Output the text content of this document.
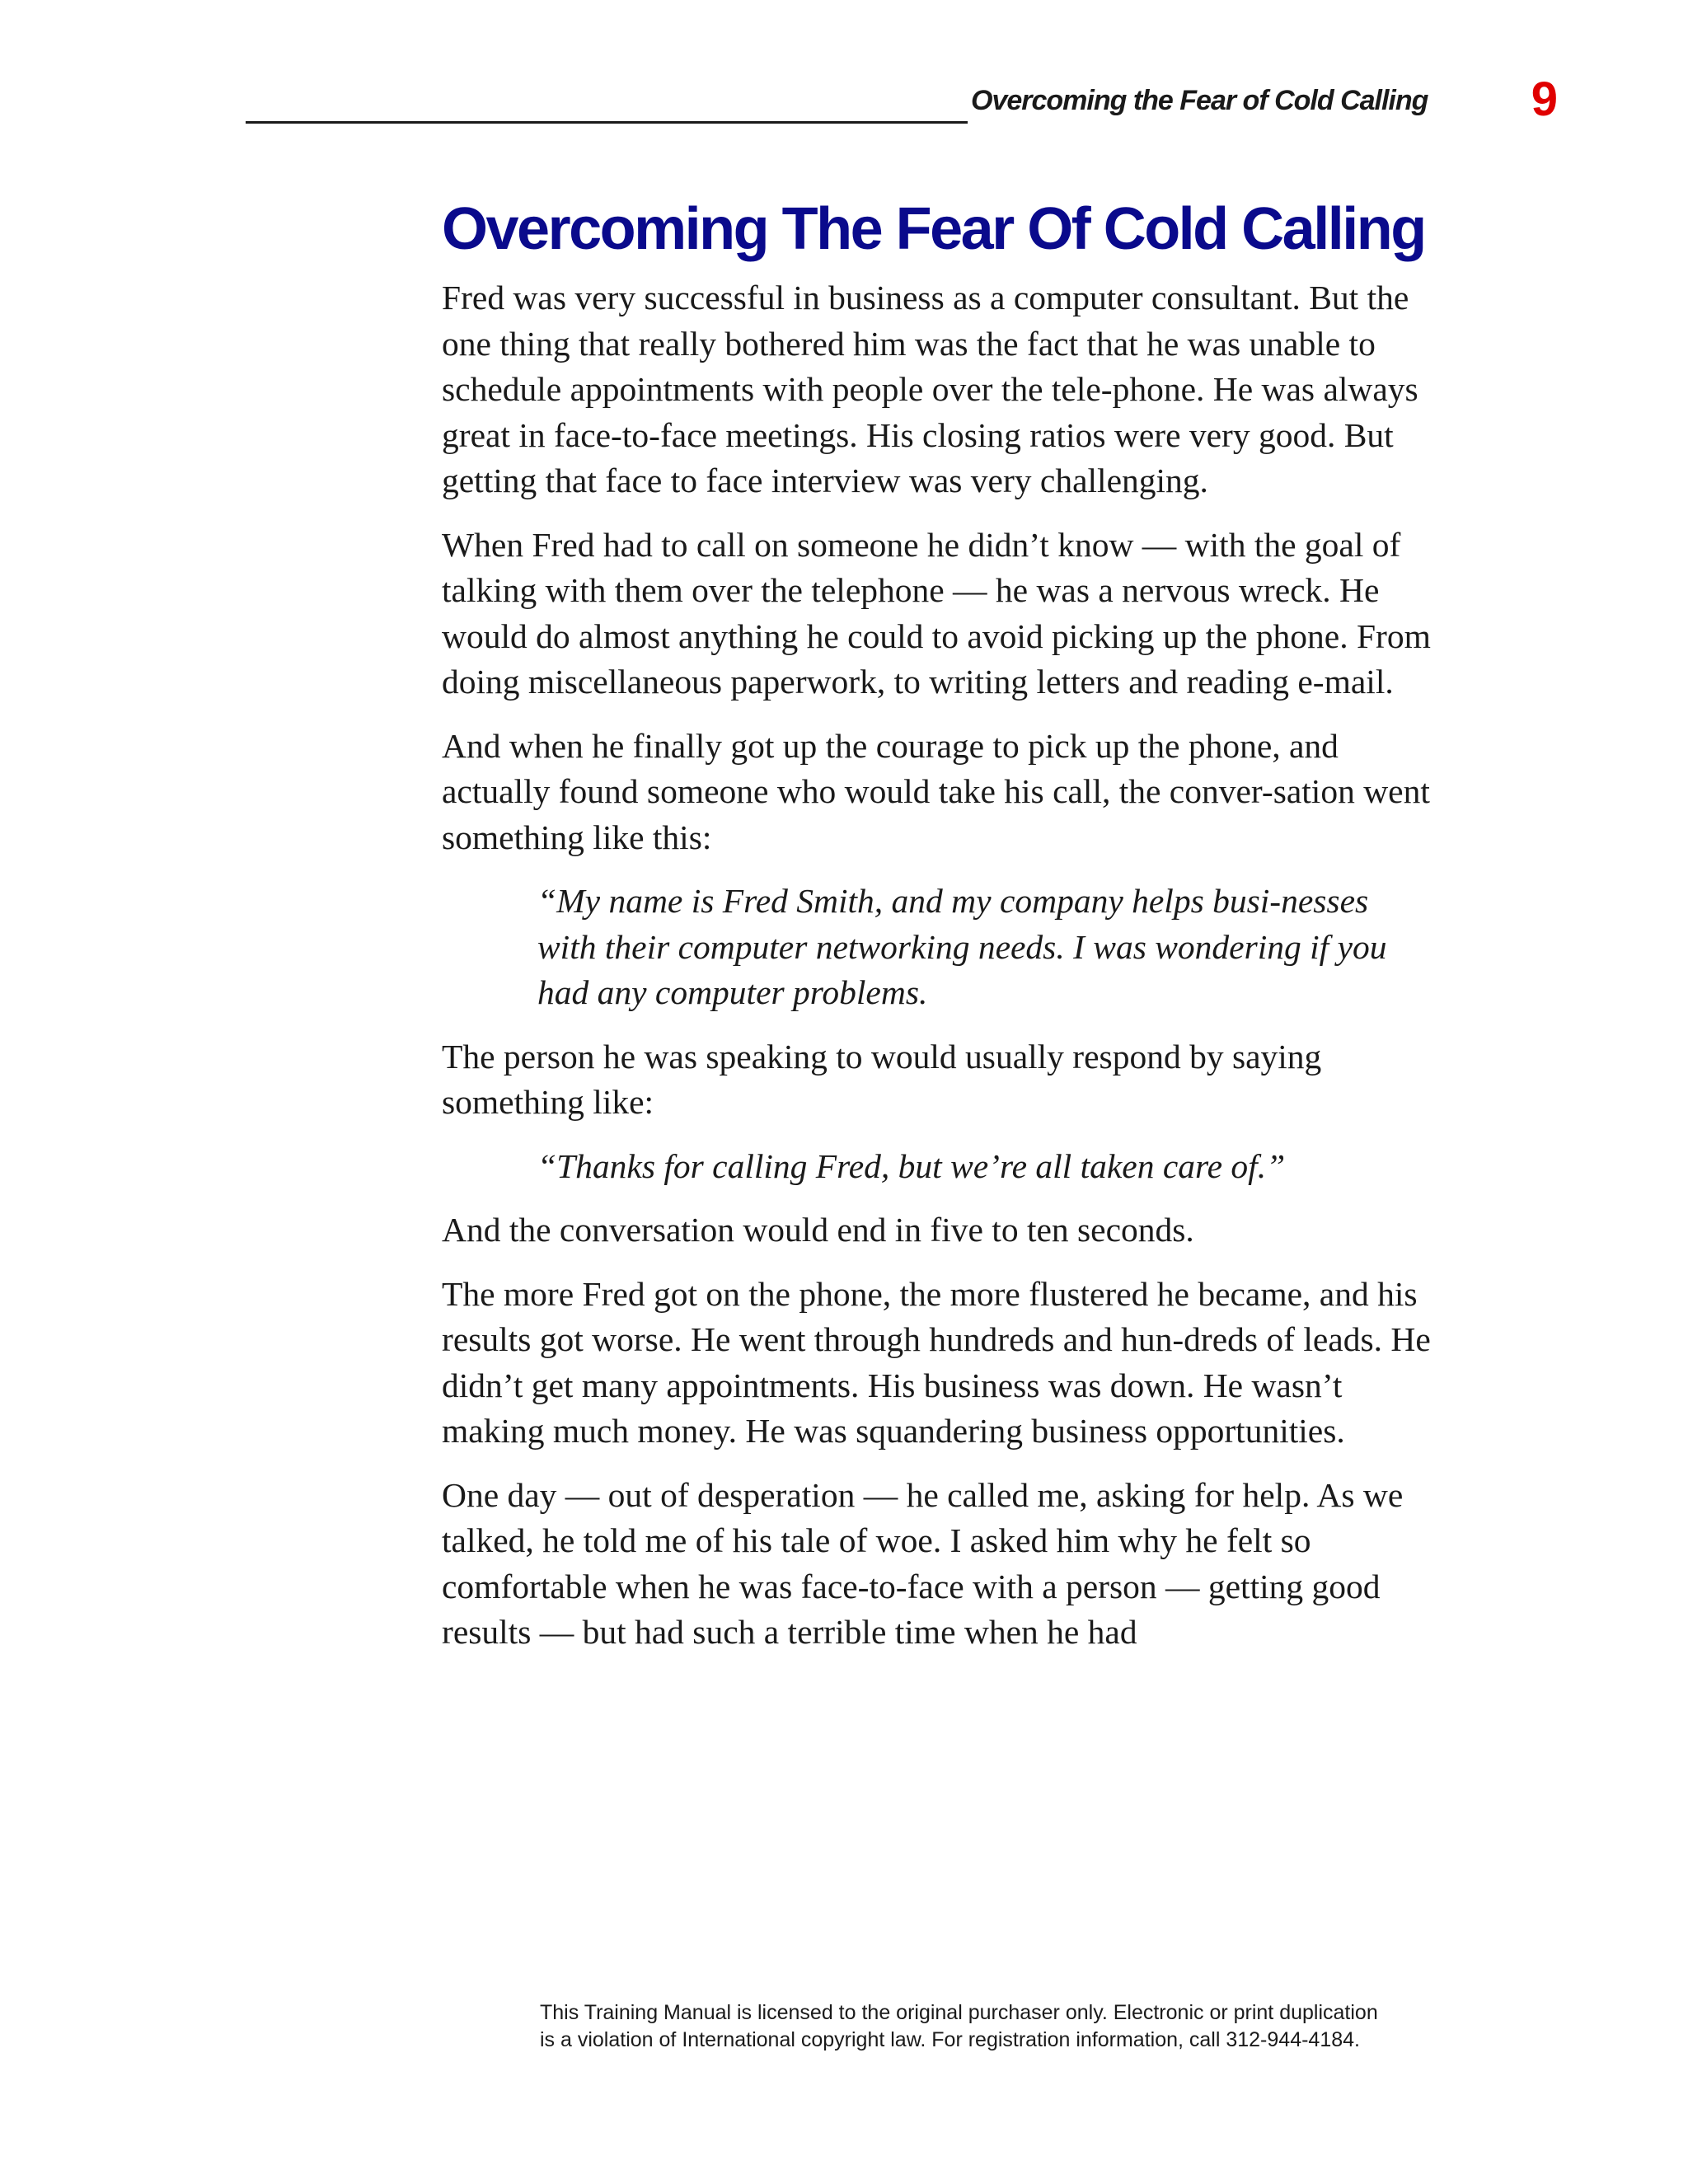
Overcoming the Fear of Cold Calling 9
Overcoming The Fear Of Cold Calling

Fred was very successful in business as a computer consultant. But the one thing that really bothered him was the fact that he was unable to schedule appointments with people over the tele-phone. He was always great in face-to-face meetings. His closing ratios were very good. But getting that face to face interview was very challenging.

When Fred had to call on someone he didn’t know — with the goal of talking with them over the telephone — he was a nervous wreck. He would do almost anything he could to avoid picking up the phone. From doing miscellaneous paperwork, to writing letters and reading e-mail.

And when he finally got up the courage to pick up the phone, and actually found someone who would take his call, the conver-sation went something like this:

“My name is Fred Smith, and my company helps busi-nesses with their computer networking needs. I was wondering if you had any computer problems.

The person he was speaking to would usually respond by saying something like:

“Thanks for calling Fred, but we’re all taken care of.”

And the conversation would end in five to ten seconds.

The more Fred got on the phone, the more flustered he became, and his results got worse. He went through hundreds and hun-dreds of leads. He didn’t get many appointments. His business was down. He wasn’t making much money. He was squandering business opportunities.

One day — out of desperation — he called me, asking for help. As we talked, he told me of his tale of woe. I asked him why he felt so comfortable when he was face-to-face with a person — getting good results — but had such a terrible time when he had

This Training Manual is licensed to the original purchaser only. Electronic or print duplication
is a violation of International copyright law. For registration information, call 312-944-4184.
